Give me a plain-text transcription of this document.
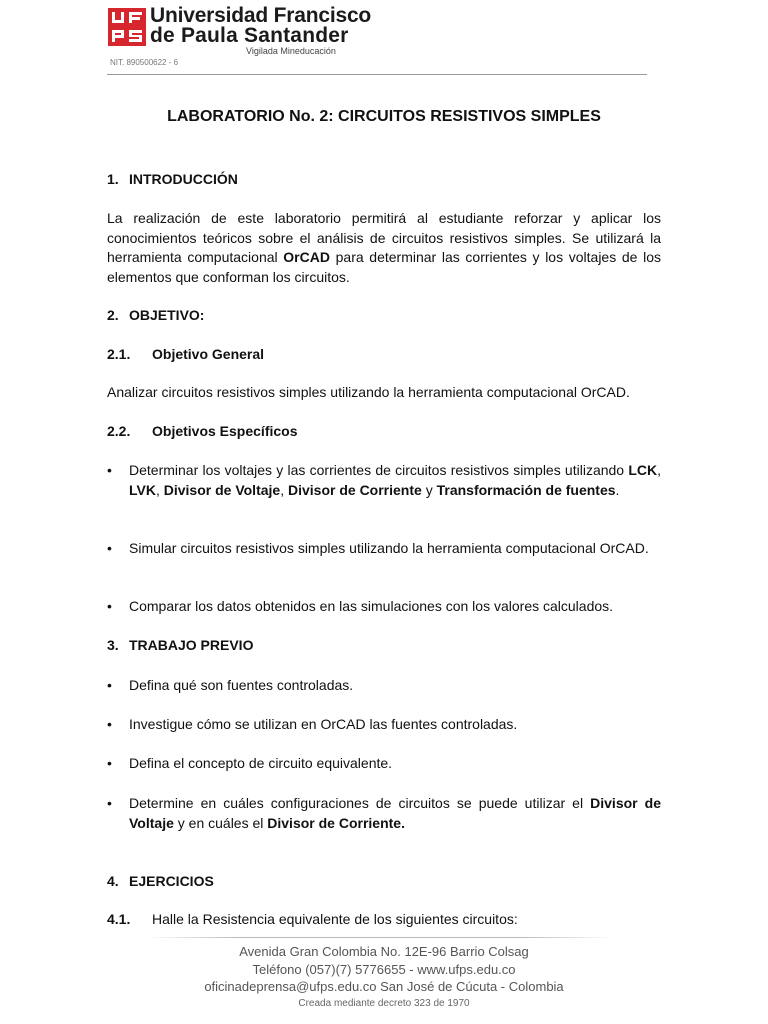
Universidad Francisco
de Paula Santander
Vigilada Mineducación
NIT. 890500622 - 6
LABORATORIO No. 2: CIRCUITOS RESISTIVOS SIMPLES
1. INTRODUCCIÓN
La realización de este laboratorio permitirá al estudiante reforzar y aplicar los conocimientos teóricos sobre el análisis de circuitos resistivos simples. Se utilizará la herramienta computacional OrCAD para determinar las corrientes y los voltajes de los elementos que conforman los circuitos.
2. OBJETIVO:
2.1. Objetivo General
Analizar circuitos resistivos simples utilizando la herramienta computacional OrCAD.
2.2. Objetivos Específicos
• Determinar los voltajes y las corrientes de circuitos resistivos simples utilizando LCK, LVK, Divisor de Voltaje, Divisor de Corriente y Transformación de fuentes.
• Simular circuitos resistivos simples utilizando la herramienta computacional OrCAD.
• Comparar los datos obtenidos en las simulaciones con los valores calculados.
3. TRABAJO PREVIO
• Defina qué son fuentes controladas.
• Investigue cómo se utilizan en OrCAD las fuentes controladas.
• Defina el concepto de circuito equivalente.
• Determine en cuáles configuraciones de circuitos se puede utilizar el Divisor de Voltaje y en cuáles el Divisor de Corriente.
4. EJERCICIOS
4.1. Halle la Resistencia equivalente de los siguientes circuitos:
Avenida Gran Colombia No. 12E-96 Barrio Colsag
Teléfono (057)(7) 5776655 - www.ufps.edu.co
oficinadeprensa@ufps.edu.co San José de Cúcuta - Colombia
Creada mediante decreto 323 de 1970
